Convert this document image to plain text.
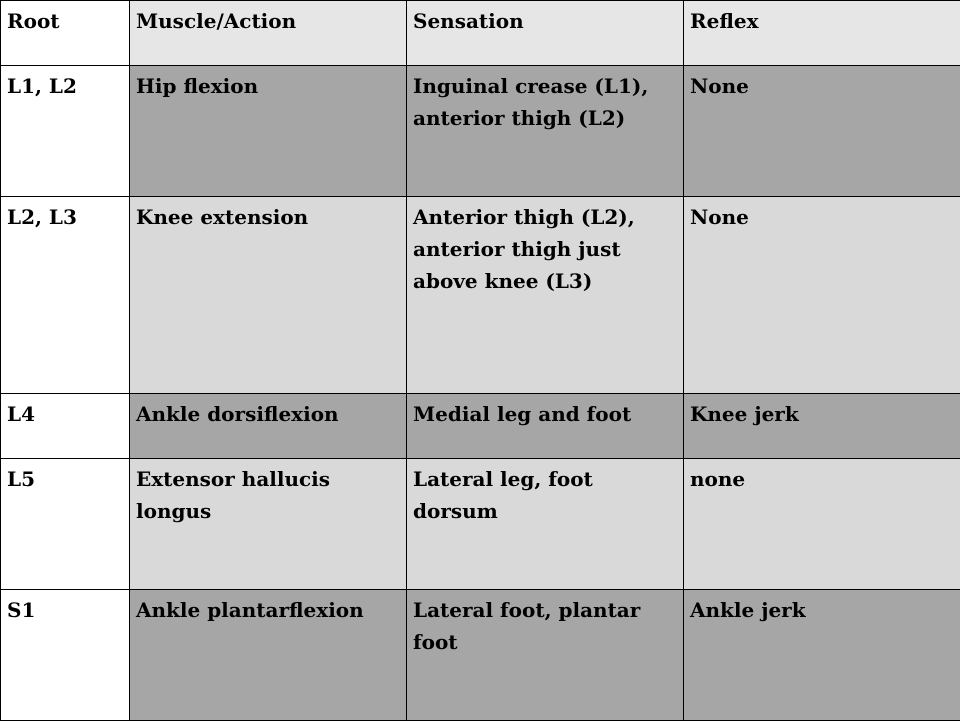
Root	Muscle/Action	Sensation	Reflex
L1, L2	Hip flexion	Inguinal crease (L1), anterior thigh (L2)	None
L2, L3	Knee extension	Anterior thigh (L2), anterior thigh just above knee (L3)	None
L4	Ankle dorsiflexion	Medial leg and foot	Knee jerk
L5	Extensor hallucis longus	Lateral leg, foot dorsum	none
S1	Ankle plantarflexion	Lateral foot, plantar foot	Ankle jerk
